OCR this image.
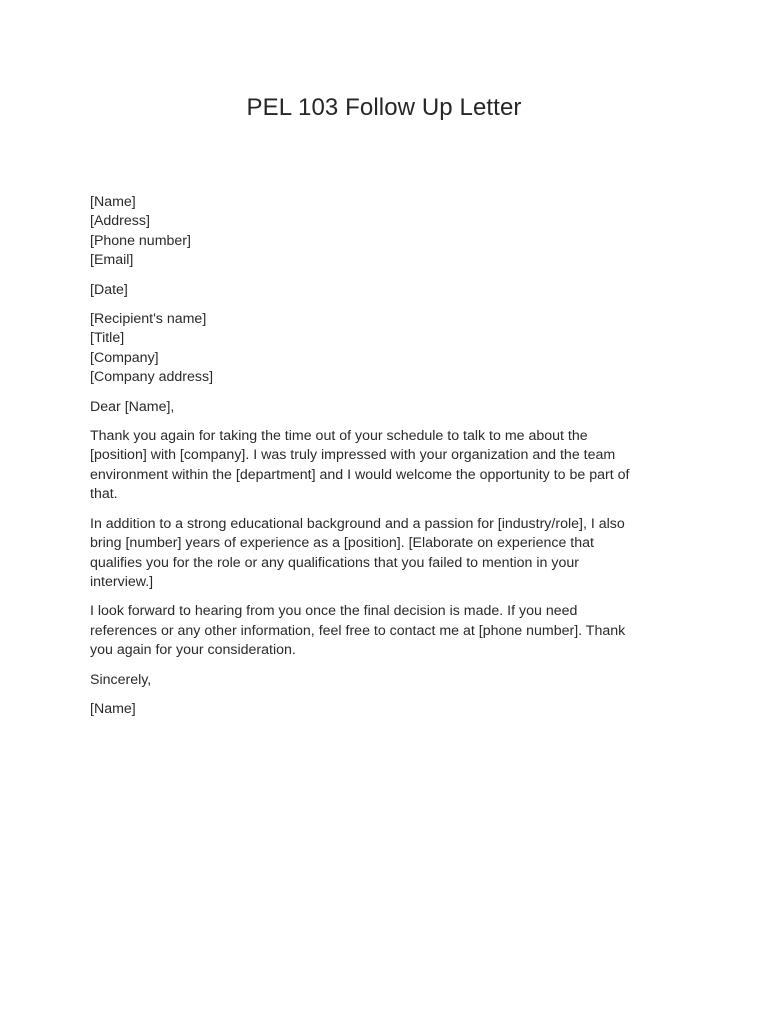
PEL 103 Follow Up Letter
[Name]
[Address]
[Phone number]
[Email]
[Date]
[Recipient's name]
[Title]
[Company]
[Company address]
Dear [Name],
Thank you again for taking the time out of your schedule to talk to me about the
[position] with [company]. I was truly impressed with your organization and the team
environment within the [department] and I would welcome the opportunity to be part of
that.
In addition to a strong educational background and a passion for [industry/role], I also
bring [number] years of experience as a [position]. [Elaborate on experience that
qualifies you for the role or any qualifications that you failed to mention in your
interview.]
I look forward to hearing from you once the final decision is made. If you need
references or any other information, feel free to contact me at [phone number]. Thank
you again for your consideration.
Sincerely,
[Name]
